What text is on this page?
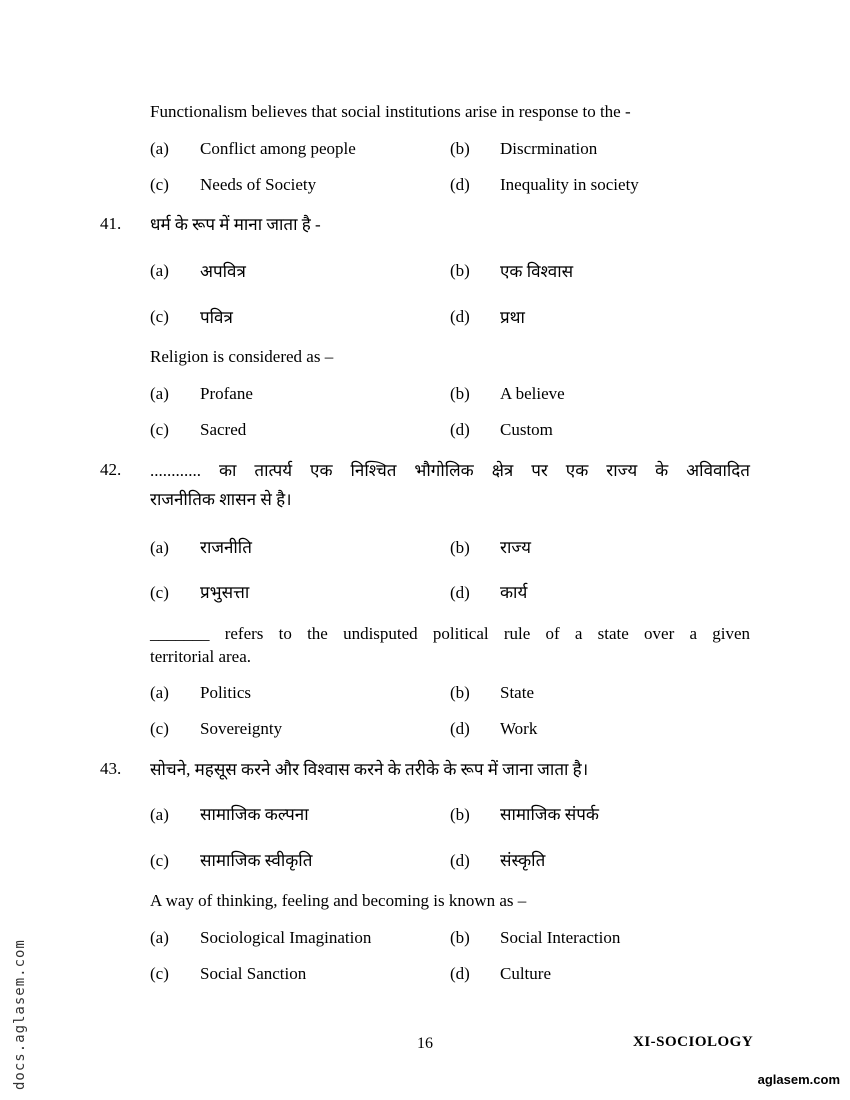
Functionalism believes that social institutions arise in response to the -
(a) Conflict among people	(b) Discrmination
(c) Needs of Society	(d) Inequality in society
41. धर्म के रूप में माना जाता है -
(a) अपवित्र	(b) एक विश्वास
(c) पवित्र	(d) प्रथा
Religion is considered as –
(a) Profane	(b) A believe
(c) Sacred	(d) Custom
42. ............ का तात्पर्य एक निश्चित भौगोलिक क्षेत्र पर एक राज्य के अविवादित
राजनीतिक शासन से है।
(a) राजनीति	(b) राज्य
(c) प्रभुसत्ता	(d) कार्य
_______ refers to the undisputed political rule of a state over a given
territorial area.
(a) Politics	(b) State
(c) Sovereignty	(d) Work
43. सोचने, महसूस करने और विश्वास करने के तरीके के रूप में जाना जाता है।
(a) सामाजिक कल्पना	(b) सामाजिक संपर्क
(c) सामाजिक स्वीकृति	(d) संस्कृति
A way of thinking, feeling and becoming is known as –
(a) Sociological Imagination	(b) Social Interaction
(c) Social Sanction	(d) Culture
16	XI-SOCIOLOGY
docs.aglasem.com	aglasem.com
